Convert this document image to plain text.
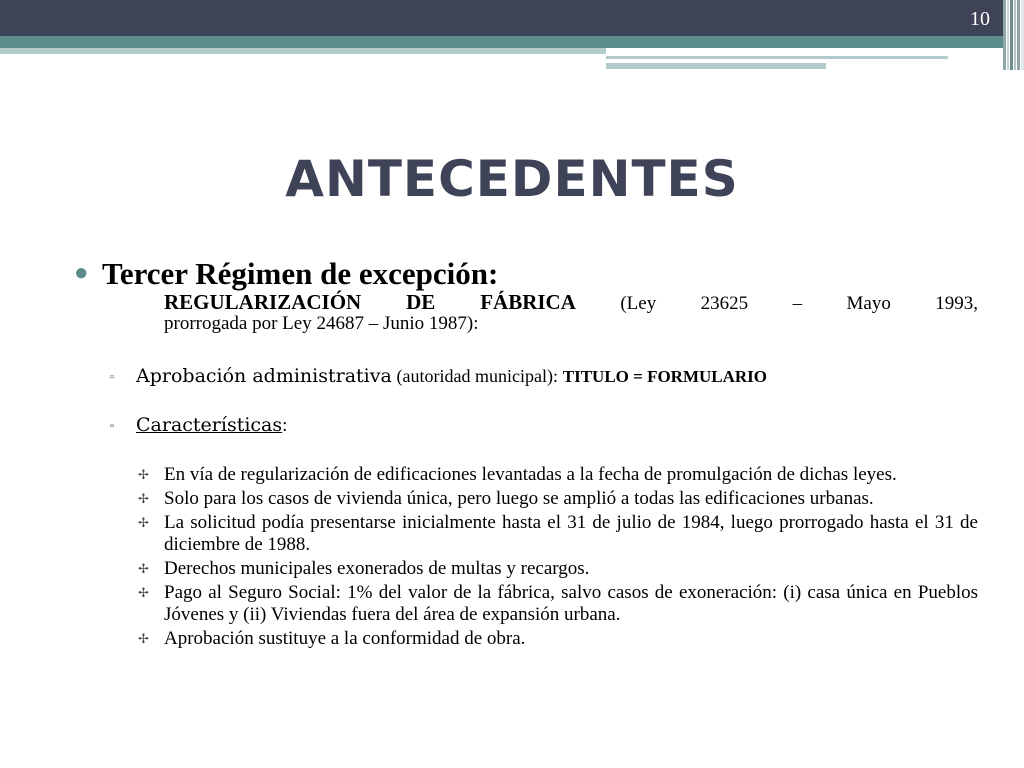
10
ANTECEDENTES
● Tercer Régimen de excepción:
REGULARIZACIÓN DE FÁBRICA (Ley 23625 – Mayo 1993,
prorrogada por Ley 24687 – Junio 1987):
▫ Aprobación administrativa (autoridad municipal): TITULO = FORMULARIO
▫ Características:
✢ En vía de regularización de edificaciones levantadas a la fecha de promulgación de dichas leyes.
✢ Solo para los casos de vivienda única, pero luego se amplió a todas las edificaciones urbanas.
✢ La solicitud podía presentarse inicialmente hasta el 31 de julio de 1984, luego prorrogado hasta el 31 de diciembre de 1988.
✢ Derechos municipales exonerados de multas y recargos.
✢ Pago al Seguro Social: 1% del valor de la fábrica, salvo casos de exoneración: (i) casa única en Pueblos Jóvenes y (ii) Viviendas fuera del área de expansión urbana.
✢ Aprobación sustituye a la conformidad de obra.
